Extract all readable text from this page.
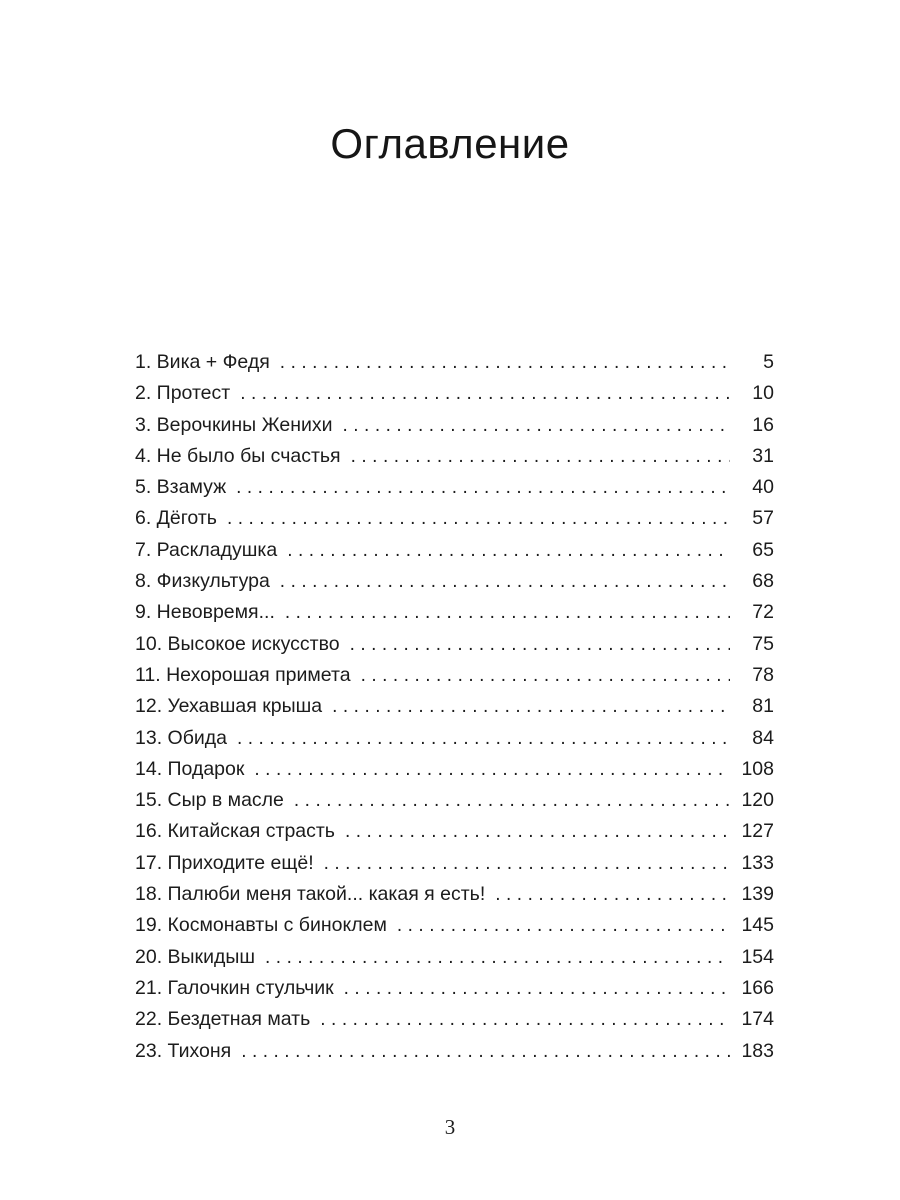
Оглавление
1. Вика + Федя .....	5
2. Протест .....	10
3. Верочкины Женихи .....	16
4. Не было бы счастья .....	31
5. Взамуж .....	40
6. Дёготь .....	57
7. Раскладушка .....	65
8. Физкультура .....	68
9. Невовремя... .....	72
10. Высокое искусство .....	75
11. Нехорошая примета .....	78
12. Уехавшая крыша .....	81
13. Обида .....	84
14. Подарок .....	108
15. Сыр в масле .....	120
16. Китайская страсть .....	127
17. Приходите ещё! .....	133
18. Палюби меня такой... какая я есть! .....	139
19. Космонавты с биноклем .....	145
20. Выкидыш .....	154
21. Галочкин стульчик .....	166
22. Бездетная мать .....	174
23. Тихоня .....	183
3
